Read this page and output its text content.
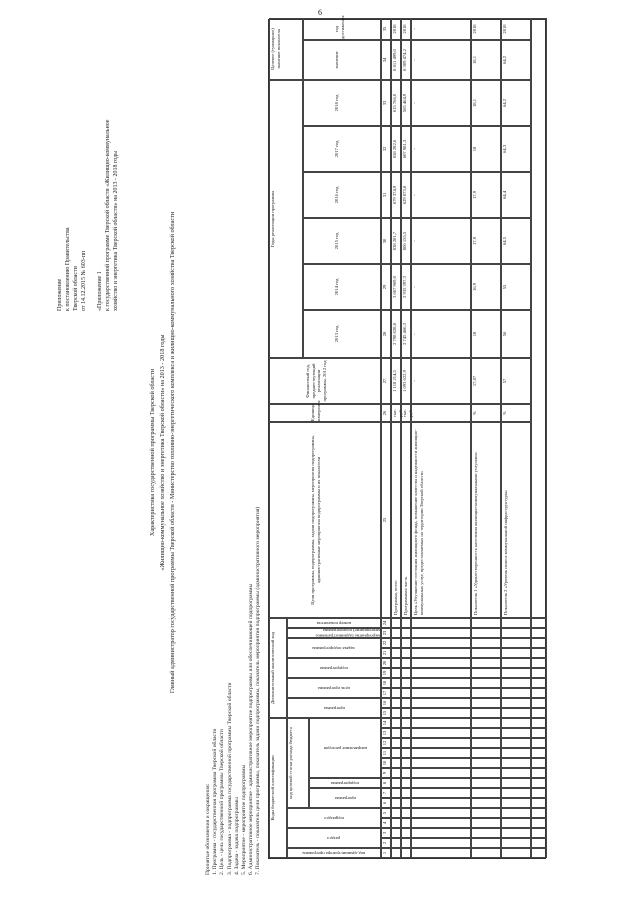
6
Приложение к постановлению Правительства Тверской области от 14.12.2015 № 603-пп
«Приложение 1 к государственной программе Тверской области «Жилищно-коммунальное хозяйство и энергетика Тверской области» на 2013 - 2018 годы
Характеристика государственной программы Тверской области «Жилищно-коммунальное хозяйство и энергетика Тверской области» на 2013 - 2018 годы Главный администратор государственной программы Тверской области - Министерство топливно-энергетического комплекса и жилищно-коммунального хозяйства Тверской области
Принятые обозначения и сокращения: 1. Программа - государственная программа Тверской области 2. Цель - цель государственной программы Тверской области 3. Подпрограмма - подпрограмма государственной программы Тверской области 4. Задача - задача подпрограммы 5. Мероприятие - мероприятие подпрограммы 6. Административное мероприятие - административное мероприятие подпрограммы или обеспечивающей подпрограммы 7. Показатель - показатель цели программы, показатель задачи подпрограммы, показатель мероприятия подпрограммы (административного мероприятия) Коды бюджетной классификации
Дополнительный аналитический код
код администратора программы
раздел
подраздел
код целевой статьи расхода бюджета	программа
подпрограмма
направление расходов
программа
цель программы
подпрограмма
задача подпрограммы
мероприятие (административное мероприятие) подпрограммы
номер показателя
Цели программы, подпрограммы, задачи подпрограммы, мероприятия подпрограммы, административные мероприятия подпрограммы и их показатели
Единица измерения
Финансовый год, предшествующий реализации программы, 2012 год
Годы реализации программы
2013 год
2014 год
2015 год
2016 год
2017 год
2018 год
Целевое (суммарное) значение показателя	значение
год достижения
1
2
3
4
5
6
7
8
9
10
11
12
13
14
15
16
17
18
19
20
21
22
23
24
25
26
27
28
29
30
31
32
33
34
35
Программа, всего
тыс. руб.
1 118 214,5
2 798 828,8
3 067 969,0
838 281,7
679 374,9
658 282,6
615 766,0
8 611 499,0
2018
Программная часть
тыс. руб.
1 093 622,9
2 745 460,3
2 935 397,3
806 155,5
629 073,8
607 981,3
565 464,9
8 309 474,2
2018
Цель «Улучшение состояния жилищного фонда, повышение качества и надежности жилищно-коммунальных услуг, предоставляемых на территории Тверской области»
-
-
-
-
-
-
-
-
-
Показатель 1 «Удовлетворенность населения жилищно-коммунальными услугами»
%
17,87
18
16,9
17,9
17,9
18
18,1
18,1
2018
Показатель 2 «Уровень износа коммунальной инфраструктуры»
%
57
56
55
64,5
64,4
64,3
64,2
64,2
2018
